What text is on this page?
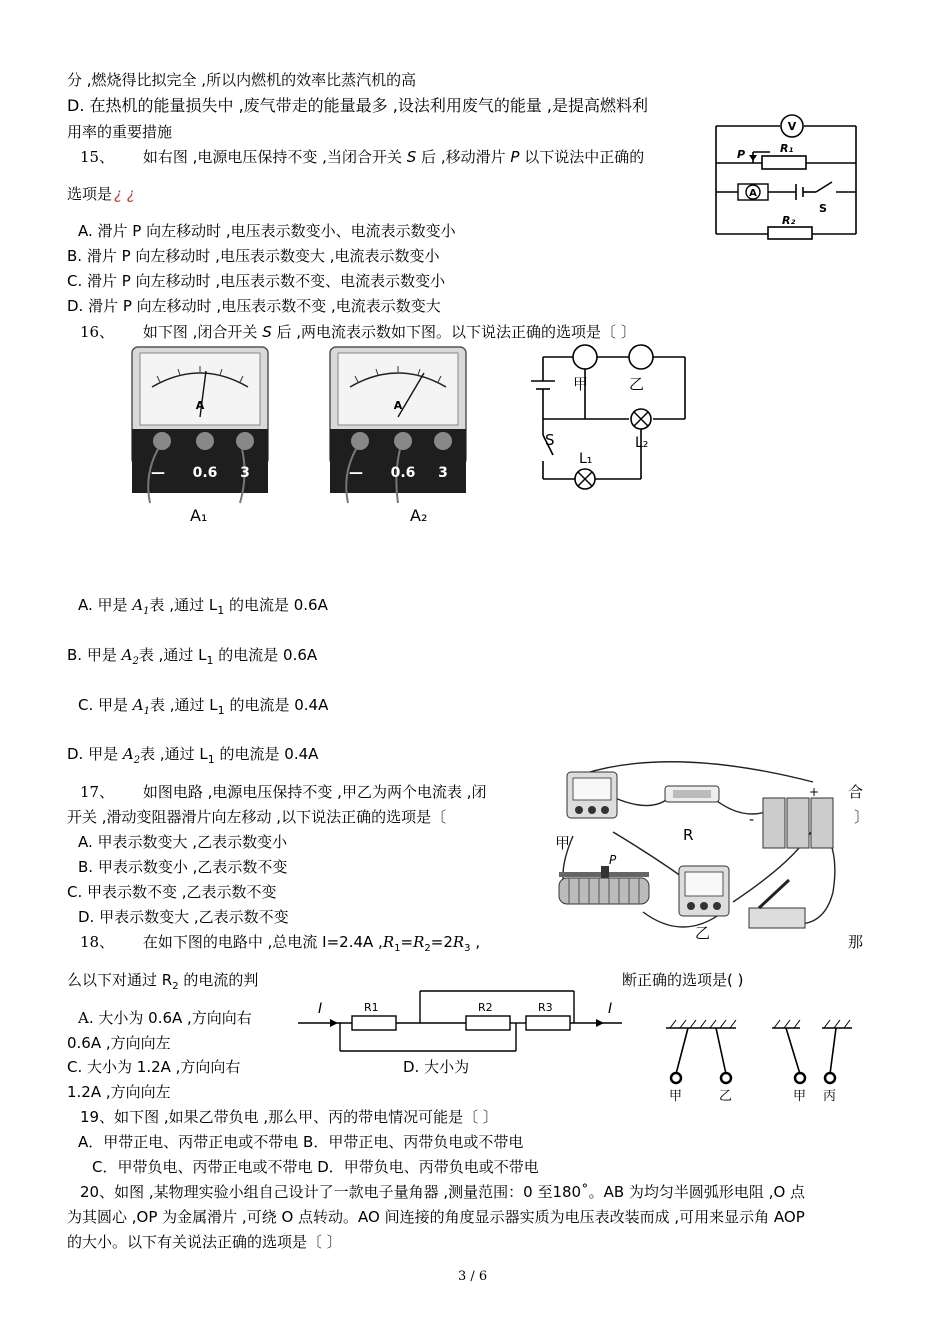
分 ,燃烧得比拟完全 ,所以内燃机的效率比蒸汽机的高
D. 在热机的能量损失中 ,废气带走的能量最多 ,设法利用废气的能量 ,是提高燃料利
用率的重要措施
15、 如右图 ,电源电压保持不变 ,当闭合开关 S 后 ,移动滑片 P 以下说法中正确的
选项是 ¿ ¿
A. 滑片 P 向左移动时 ,电压表示数变小、电流表示数变小
B. 滑片 P 向左移动时 ,电压表示数变大 ,电流表示数变小
C. 滑片 P 向左移动时 ,电压表示数不变、电流表示数变小
D. 滑片 P 向左移动时 ,电压表示数不变 ,电流表示数变大
V
P	R₁
A
S
R₂
16、 如下图 ,闭合开关 S 后 ,两电流表示数如下图。以下说法正确的选项是〔 〕
A
— 0.6 3
A₁
A
— 0.6 3
A₂
甲	乙
S
L₁
L₂
A. 甲是 $A_1$表 ,通过 $L_1$ 的电流是 0.6A
B. 甲是 $A_2$表 ,通过 $L_1$ 的电流是 0.6A
C. 甲是 $A_1$表 ,通过 $L_1$ 的电流是 0.4A
D. 甲是 $A_2$表 ,通过 $L_1$ 的电流是 0.4A
17、 如图电路 ,电源电压保持不变 ,甲乙为两个电流表 ,闭	合
开关 ,滑动变阻器滑片向左移动 ,以下说法正确的选项是〔	〕
A. 甲表示数变大 ,乙表示数变小
B. 甲表示数变小 ,乙表示数不变
C. 甲表示数不变 ,乙表示数不变
D. 甲表示数变大 ,乙表示数不变
甲	R
P
乙
-
+
18、 在如下图的电路中 ,总电流 I=2.4A $,R_1=R_2=2R_3$ ,	那
么以下对通过 $R_2$ 的电流的判	断正确的选项是( )
A. 大小为 0.6A ,方向向右
0.6A ,方向向左
C. 大小为 1.2A ,方向向右	D. 大小为
1.2A ,方向向左
I	I
R1	R2	R3
甲	乙	甲 丙
19、如下图 ,如果乙带负电 ,那么甲、丙的带电情况可能是〔 〕
A．甲带正电、丙带正电或不带电 B．甲带正电、丙带负电或不带电
C．甲带负电、丙带正电或不带电 D．甲带负电、丙带负电或不带电
20、如图 ,某物理实验小组自己设计了一款电子量角器 ,测量范围：0 至180˚。AB 为均匀半圆弧形电阻 ,O 点
为其圆心 ,OP 为金属滑片 ,可绕 O 点转动。AO 间连接的角度显示器实质为电压表改装而成 ,可用来显示角 AOP
的大小。以下有关说法正确的选项是〔 〕
3 / 6
